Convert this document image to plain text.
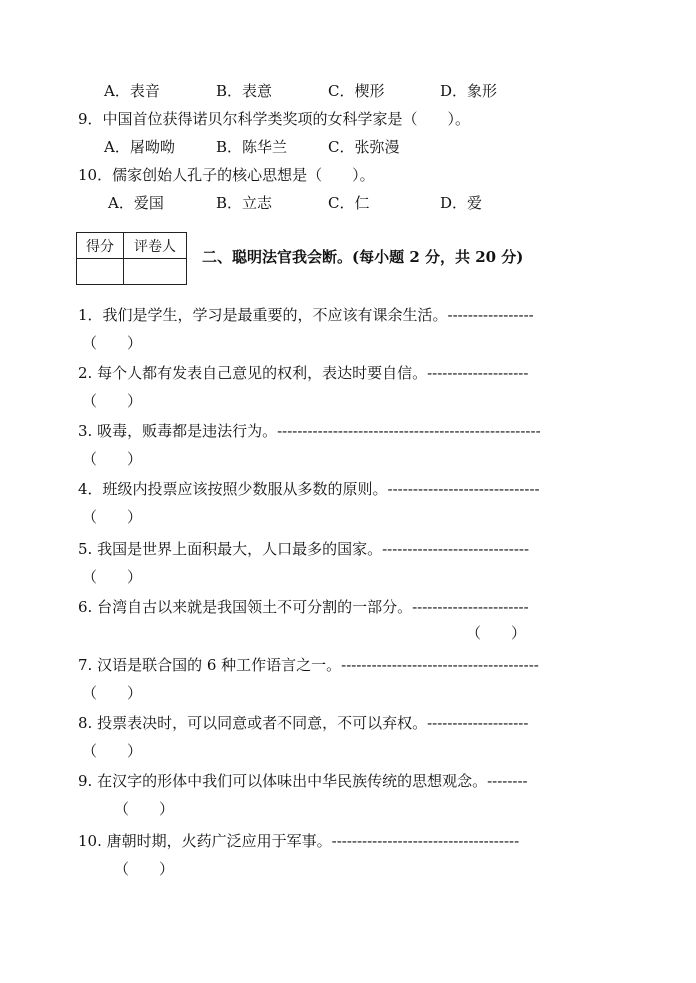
A．表音	B．表意	C．楔形	D．象形
9．中国首位获得诺贝尔科学类奖项的女科学家是（　　）。
A．屠呦呦	B．陈华兰	C．张弥漫
10．儒家创始人孔子的核心思想是（　　）。
A．爱国	B．立志	C．仁	D．爱
得分	评卷人

二、聪明法官我会断。(每小题 2 分，共 20 分)
1．我们是学生，学习是最重要的，不应该有课余生活。-----------------
（　　）
2. 每个人都有发表自己意见的权利，表达时要自信。--------------------
（　　）
3. 吸毒，贩毒都是违法行为。----------------------------------------------------
（　　）
4．班级内投票应该按照少数服从多数的原则。------------------------------
（　　）
5. 我国是世界上面积最大，人口最多的国家。-----------------------------
（　　）
6. 台湾自古以来就是我国领土不可分割的一部分。-----------------------
（　　）
7. 汉语是联合国的 6 种工作语言之一。---------------------------------------
（　　）
8. 投票表决时，可以同意或者不同意，不可以弃权。--------------------
（　　）
9. 在汉字的形体中我们可以体味出中华民族传统的思想观念。--------
（　　）
10. 唐朝时期，火药广泛应用于军事。-------------------------------------
（　　）
